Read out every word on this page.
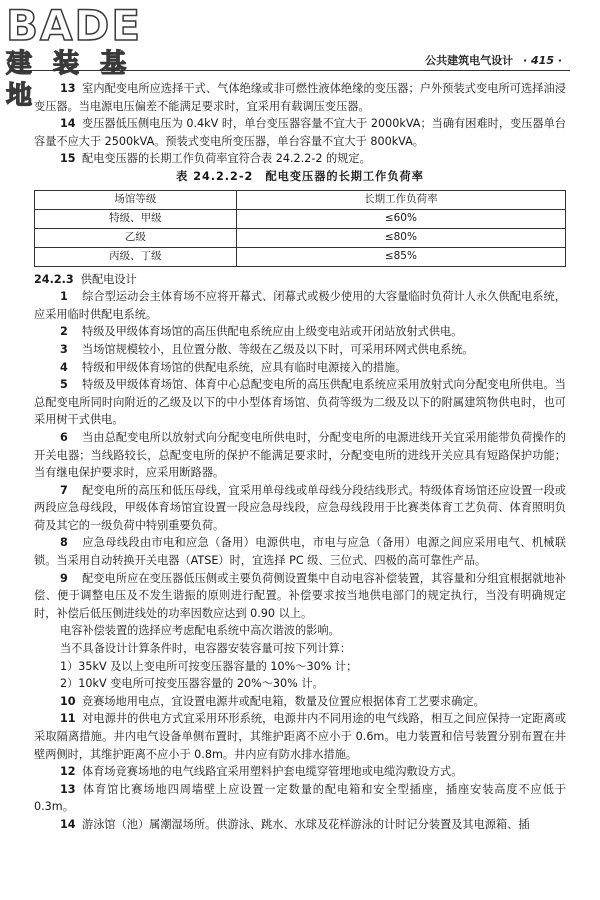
BADE
建 装 基 地
公共建筑电气设计 · 415 ·

13 室内配变电所应选择干式、气体绝缘或非可燃性液体绝缘的变压器；户外预装式变电所可选择油浸变压器。当电源电压偏差不能满足要求时，宜采用有载调压变压器。

14 变压器低压侧电压为 0.4kV 时，单台变压器容量不宜大于 2000kVA；当确有困难时，变压器单台容量不应大于 2500kVA。预装式变电所变压器，单台容量不宜大于 800kVA。

15 配电变压器的长期工作负荷率宜符合表 24.2.2-2 的规定。

表 24.2.2-2　配电变压器的长期工作负荷率

场馆等级	长期工作负荷率
特级、甲级	≤60%
乙级	≤80%
丙级、丁级	≤85%

24.2.3 供配电设计

1 综合型运动会主体育场不应将开幕式、闭幕式或极少使用的大容量临时负荷计人永久供配电系统，应采用临时供配电系统。

2 特级及甲级体育场馆的高压供配电系统应由上级变电站或开闭站放射式供电。

3 当场馆规模较小，且位置分散、等级在乙级及以下时，可采用环网式供电系统。

4 特级和甲级体育场馆的供配电系统，应具有临时电源接入的措施。

5 特级及甲级体育场馆、体育中心总配变电所的高压供配电系统应采用放射式向分配变电所供电。当总配变电所同时向附近的乙级及以下的中小型体育场馆、负荷等级为二级及以下的附属建筑物供电时，也可采用树干式供电。

6 当由总配变电所以放射式向分配变电所供电时，分配变电所的电源进线开关宜采用能带负荷操作的开关电器；当线路较长，总配变电所的保护不能满足要求时，分配变电所的进线开关应具有短路保护功能；当有继电保护要求时，应采用断路器。

7 配变电所的高压和低压母线，宜采用单母线或单母线分段结线形式。特级体育场馆还应设置一段或两段应急母线段，甲级体育场馆宜设置一段应急母线段，应急母线段用于比赛类体育工艺负荷、体育照明负荷及其它的一级负荷中特别重要负荷。

8 应急母线段由市电和应急（备用）电源供电，市电与应急（备用）电源之间应采用电气、机械联锁。当采用自动转换开关电器（ATSE）时，宜选择 PC 级、三位式、四极的高可靠性产品。

9 配变电所应在变压器低压侧或主要负荷侧设置集中自动电容补偿装置，其容量和分组宜根据就地补偿、便于调整电压及不发生谐振的原则进行配置。补偿要求按当地供电部门的规定执行，当没有明确规定时，补偿后低压侧进线处的功率因数应达到 0.90 以上。

电容补偿装置的选择应考虑配电系统中高次谐波的影响。

当不具备设计计算条件时，电容器安装容量可按下列计算：

1）35kV 及以上变电所可按变压器容量的 10%～30% 计；

2）10kV 变电所可按变压器容量的 20%～30% 计。

10 竞赛场地用电点，宜设置电源井或配电箱，数量及位置应根据体育工艺要求确定。

11 对电源井的供电方式宜采用环形系统，电源井内不同用途的电气线路，相互之间应保持一定距离或采取隔离措施。井内电气设备单侧布置时，其维护距离不应小于 0.6m。电力装置和信号装置分别布置在井壁两侧时，其维护距离不应小于 0.8m。井内应有防水排水措施。

12 体育场竞赛场地的电气线路宜采用塑料护套电缆穿管埋地或电缆沟敷设方式。

13 体育馆比赛场地四周墙壁上应设置一定数量的配电箱和安全型插座，插座安装高度不应低于 0.3m。

14 游泳馆（池）属潮湿场所。供游泳、跳水、水球及花样游泳的计时记分装置及其电源箱、插
